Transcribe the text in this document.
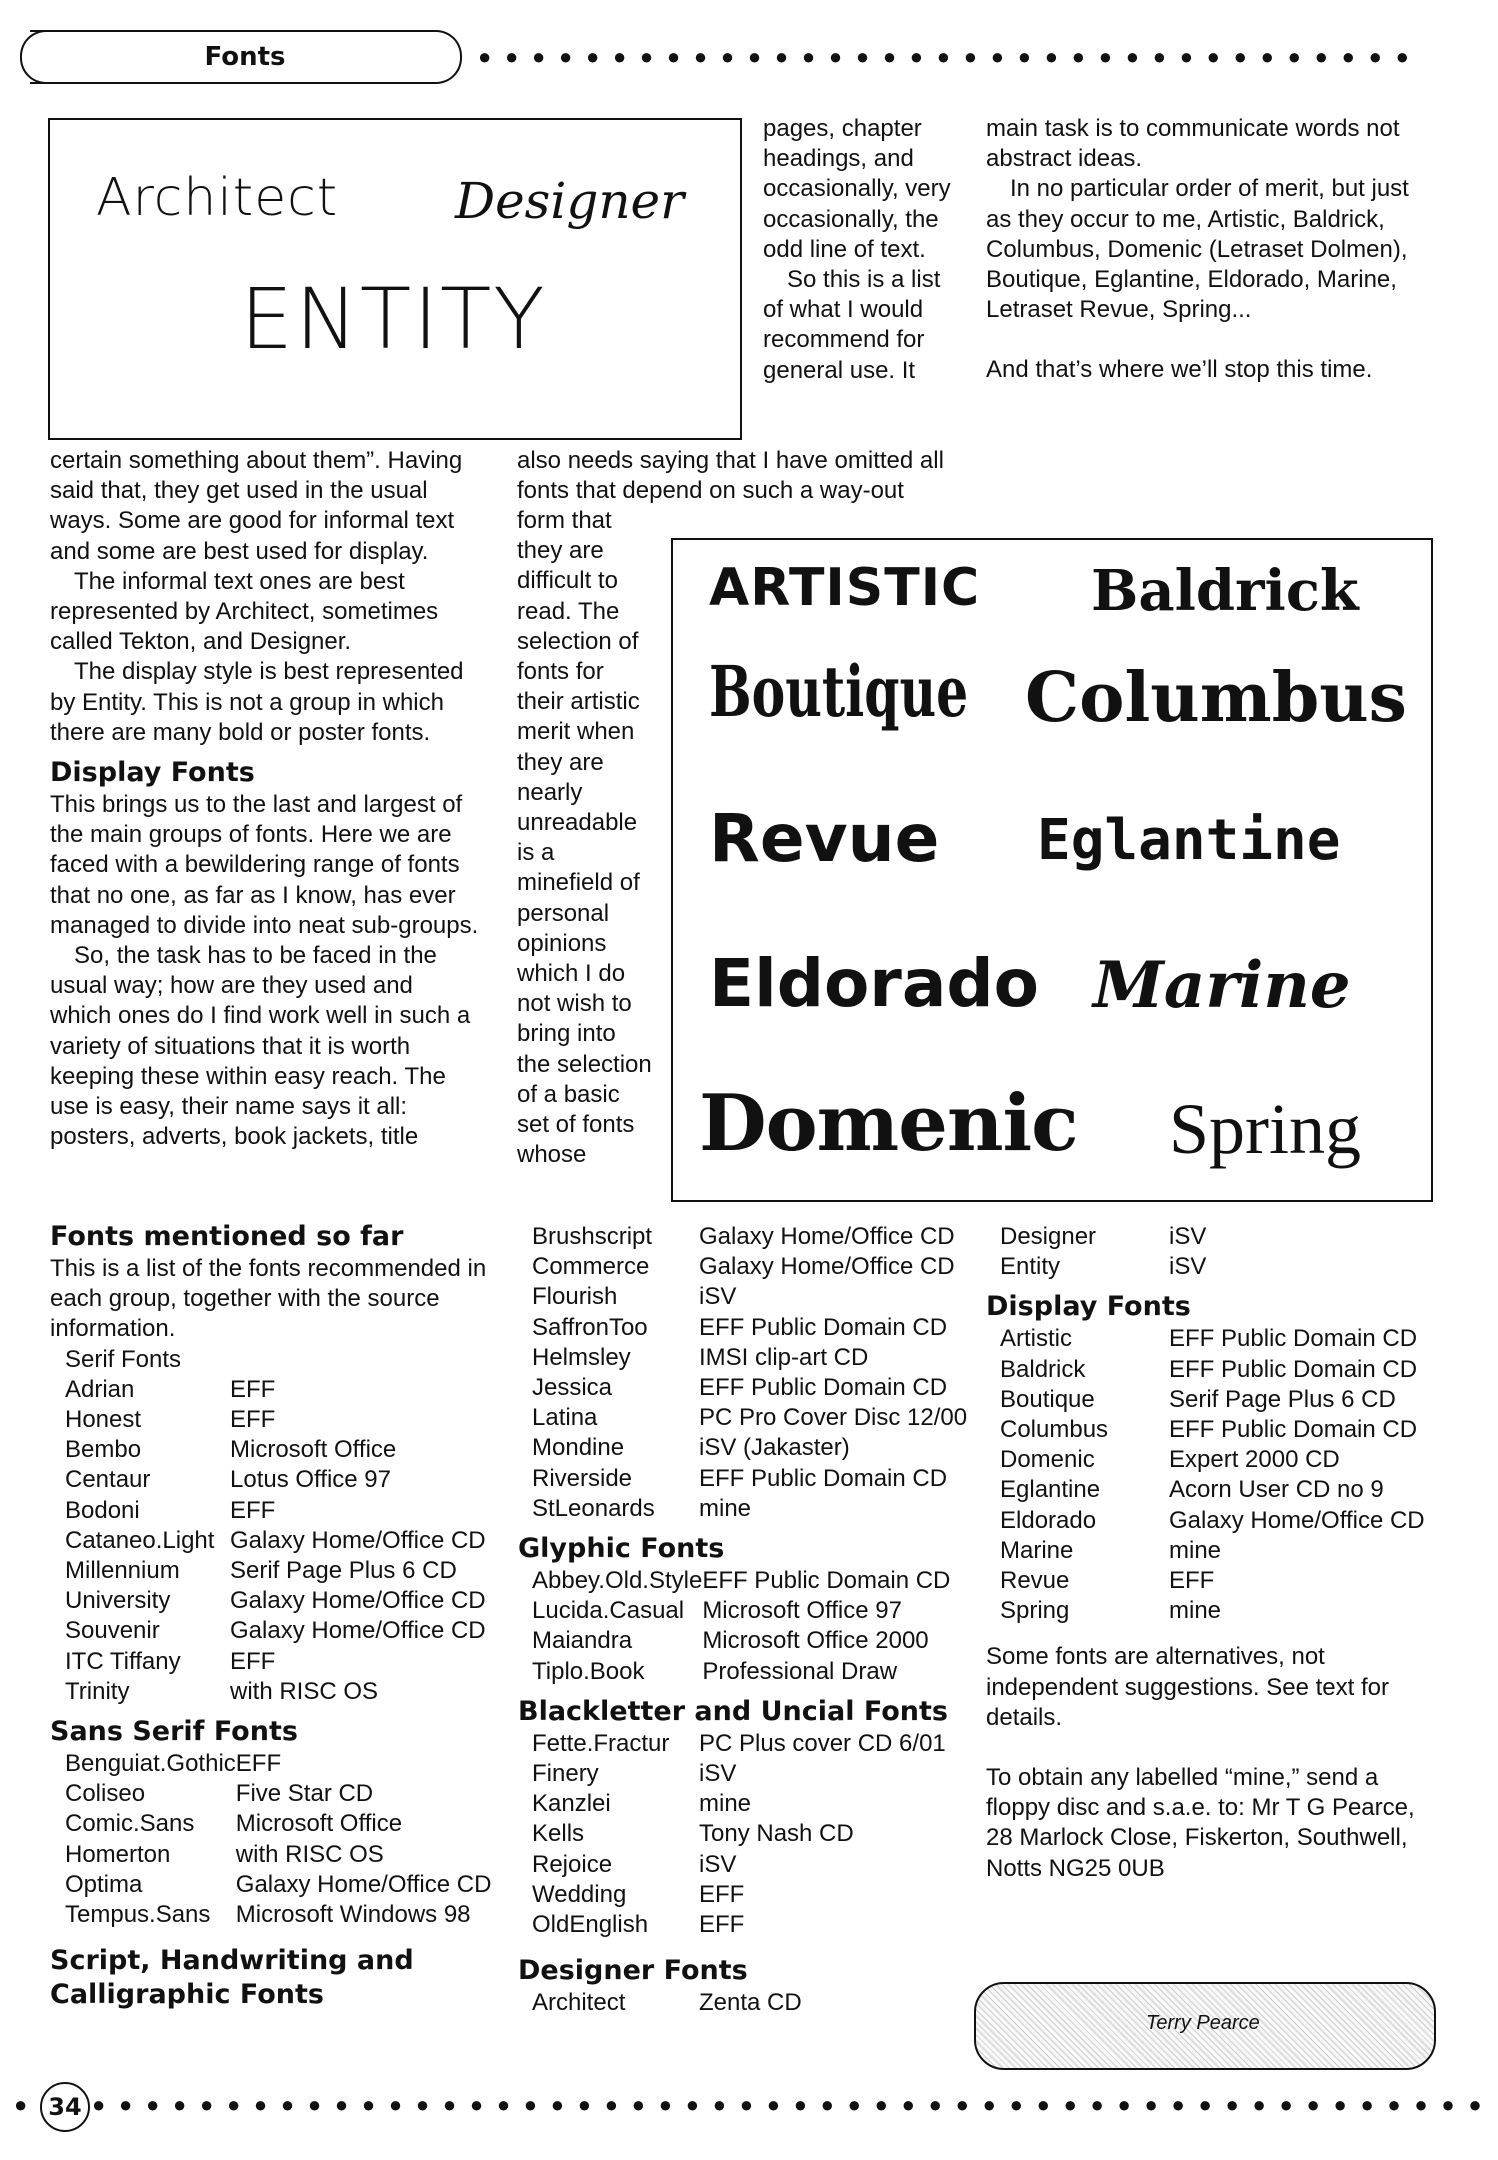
Fonts	●●●●●●●●●●●●●●●●●●●●●●●●●●●●●●●●●●●
Architect Designer
ENTITY

certain something about them”. Having said that, they get used in the usual ways. Some are good for informal text and some are best used for display.

The informal text ones are best represented by Architect, sometimes called Tekton, and Designer.

The display style is best represented by Entity. This is not a group in which there are many bold or poster fonts.

Display Fonts

This brings us to the last and largest of the main groups of fonts. Here we are faced with a bewildering range of fonts that no one, as far as I know, has ever managed to divide into neat sub-groups.

So, the task has to be faced in the usual way; how are they used and which ones do I find work well in such a variety of situations that it is worth keeping these within easy reach. The use is easy, their name says it all: posters, adverts, book jackets, title

pages, chapter headings, and occasionally, very occasionally, the odd line of text.

So this is a list of what I would recommend for general use. It

also needs saying that I have omitted all fonts that depend on such a way-out

form that they are difficult to read. The selection of fonts for their artistic merit when they are nearly unreadable is a minefield of personal opinions which I do not wish to bring into the selection of a basic set of fonts whose

main task is to communicate words not abstract ideas.

In no particular order of merit, but just as they occur to me, Artistic, Baldrick, Columbus, Domenic (Letraset Dolmen), Boutique, Eglantine, Eldorado, Marine, Letraset Revue, Spring...

And that’s where we’ll stop this time.

ARTISTIC Baldrick
Boutique Columbus
Revue Eglantine
Eldorado Marine
Domenic Spring
Fonts mentioned so far

This is a list of the fonts recommended in each group, together with the source information.

Serif Fonts
Adrian	EFF
Honest	EFF
Bembo	Microsoft Office
Centaur	Lotus Office 97
Bodoni	EFF
Cataneo.Light	Galaxy Home/Office CD
Millennium	Serif Page Plus 6 CD
University	Galaxy Home/Office CD
Souvenir	Galaxy Home/Office CD
ITC Tiffany	EFF
Trinity	with RISC OS
Sans Serif Fonts
Benguiat.Gothic	EFF
Coliseo	Five Star CD
Comic.Sans	Microsoft Office
Homerton	with RISC OS
Optima	Galaxy Home/Office CD
Tempus.Sans	Microsoft Windows 98
Script, Handwriting and Calligraphic Fonts
Brushscript	Galaxy Home/Office CD
Commerce	Galaxy Home/Office CD
Flourish	iSV
SaffronToo	EFF Public Domain CD
Helmsley	IMSI clip-art CD
Jessica	EFF Public Domain CD
Latina	PC Pro Cover Disc 12/00
Mondine	iSV (Jakaster)
Riverside	EFF Public Domain CD
StLeonards	mine
Glyphic Fonts
Abbey.Old.Style	EFF Public Domain CD
Lucida.Casual	Microsoft Office 97
Maiandra	Microsoft Office 2000
Tiplo.Book	Professional Draw
Blackletter and Uncial Fonts
Fette.Fractur	PC Plus cover CD 6/01
Finery	iSV
Kanzlei	mine
Kells	Tony Nash CD
Rejoice	iSV
Wedding	EFF
OldEnglish	EFF
Designer Fonts
Architect	Zenta CD
Designer	iSV
Entity	iSV
Display Fonts
Artistic	EFF Public Domain CD
Baldrick	EFF Public Domain CD
Boutique	Serif Page Plus 6 CD
Columbus	EFF Public Domain CD
Domenic	Expert 2000 CD
Eglantine	Acorn User CD no 9
Eldorado	Galaxy Home/Office CD
Marine	mine
Revue	EFF
Spring	mine

Some fonts are alternatives, not independent suggestions. See text for details.

To obtain any labelled “mine,” send a floppy disc and s.a.e. to: Mr T G Pearce, 28 Marlock Close, Fiskerton, Southwell, Notts NG25 0UB

Terry Pearce
34
● ●●●●●●●●●●●●●●●●●●●●●●●●●●●●●●●●●●●●●●●●●●●●●●●●●●●●
